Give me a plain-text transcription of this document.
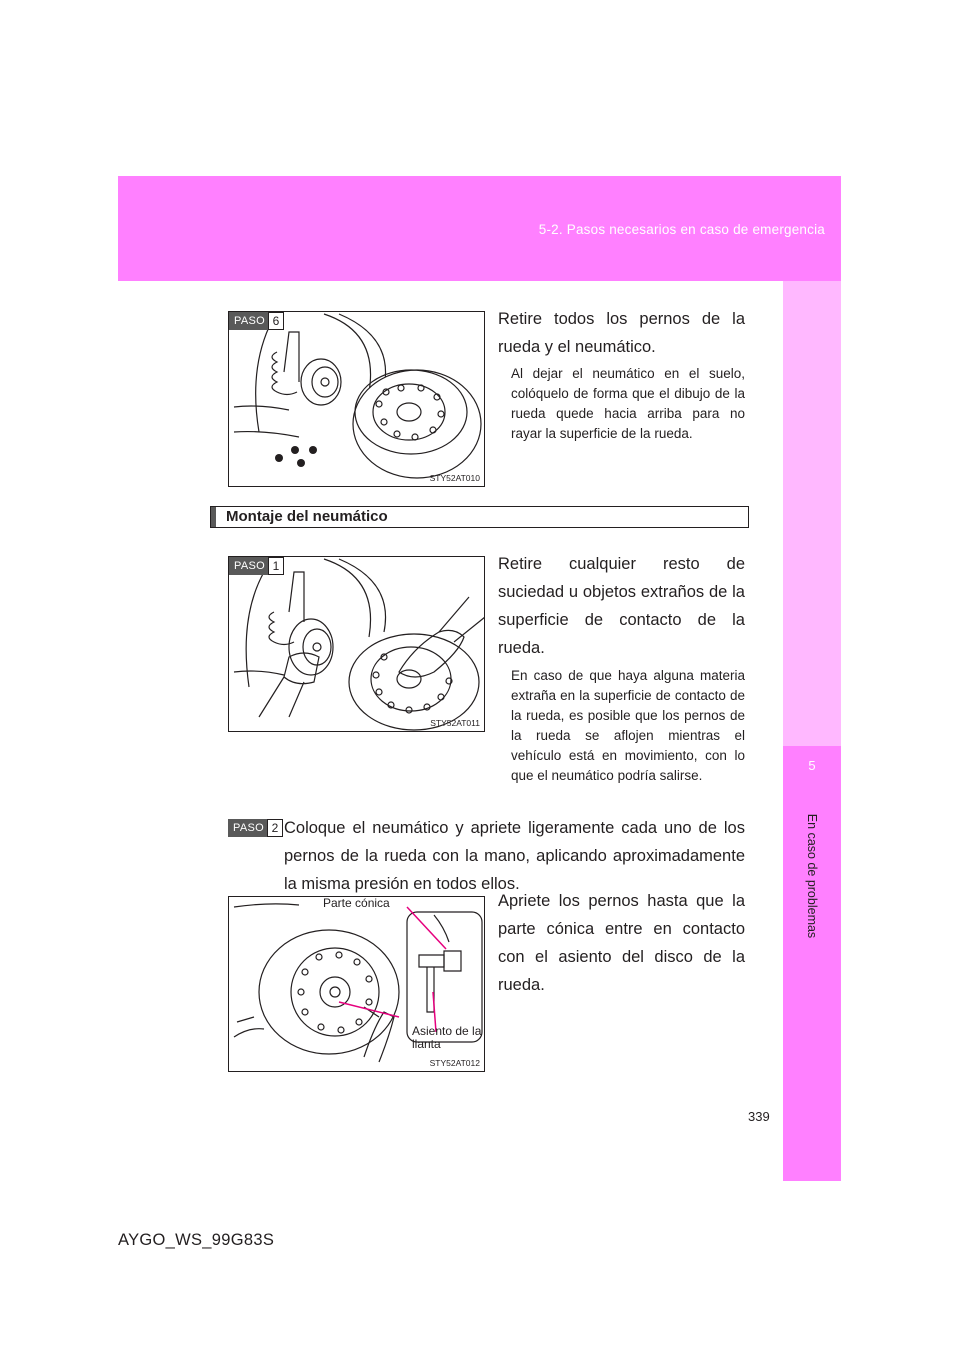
5-2. Pasos necesarios en caso de emergencia
5
En caso de problemas
PASO 6
STY52AT010
Retire todos los pernos de la rueda y el neumático.
Al dejar el neumático en el suelo, colóquelo de forma que el dibujo de la rueda quede hacia arriba para no rayar la superficie de la rueda.
Montaje del neumático
PASO 1
STY52AT011
Retire cualquier resto de suciedad u objetos extraños de la superficie de contacto de la rueda.
En caso de que haya alguna materia extraña en la superficie de contacto de la rueda, es posible que los pernos de la rueda se aflojen mientras el vehículo está en movimiento, con lo que el neumático podría salirse.
PASO 2 Coloque el neumático y apriete ligeramente cada uno de los pernos de la rueda con la mano, aplicando aproximadamente la misma presión en todos ellos.
STY52AT012
Parte cónica
Asiento de la llanta
Apriete los pernos hasta que la parte cónica entre en contacto con el asiento del disco de la rueda.
339
AYGO_WS_99G83S
